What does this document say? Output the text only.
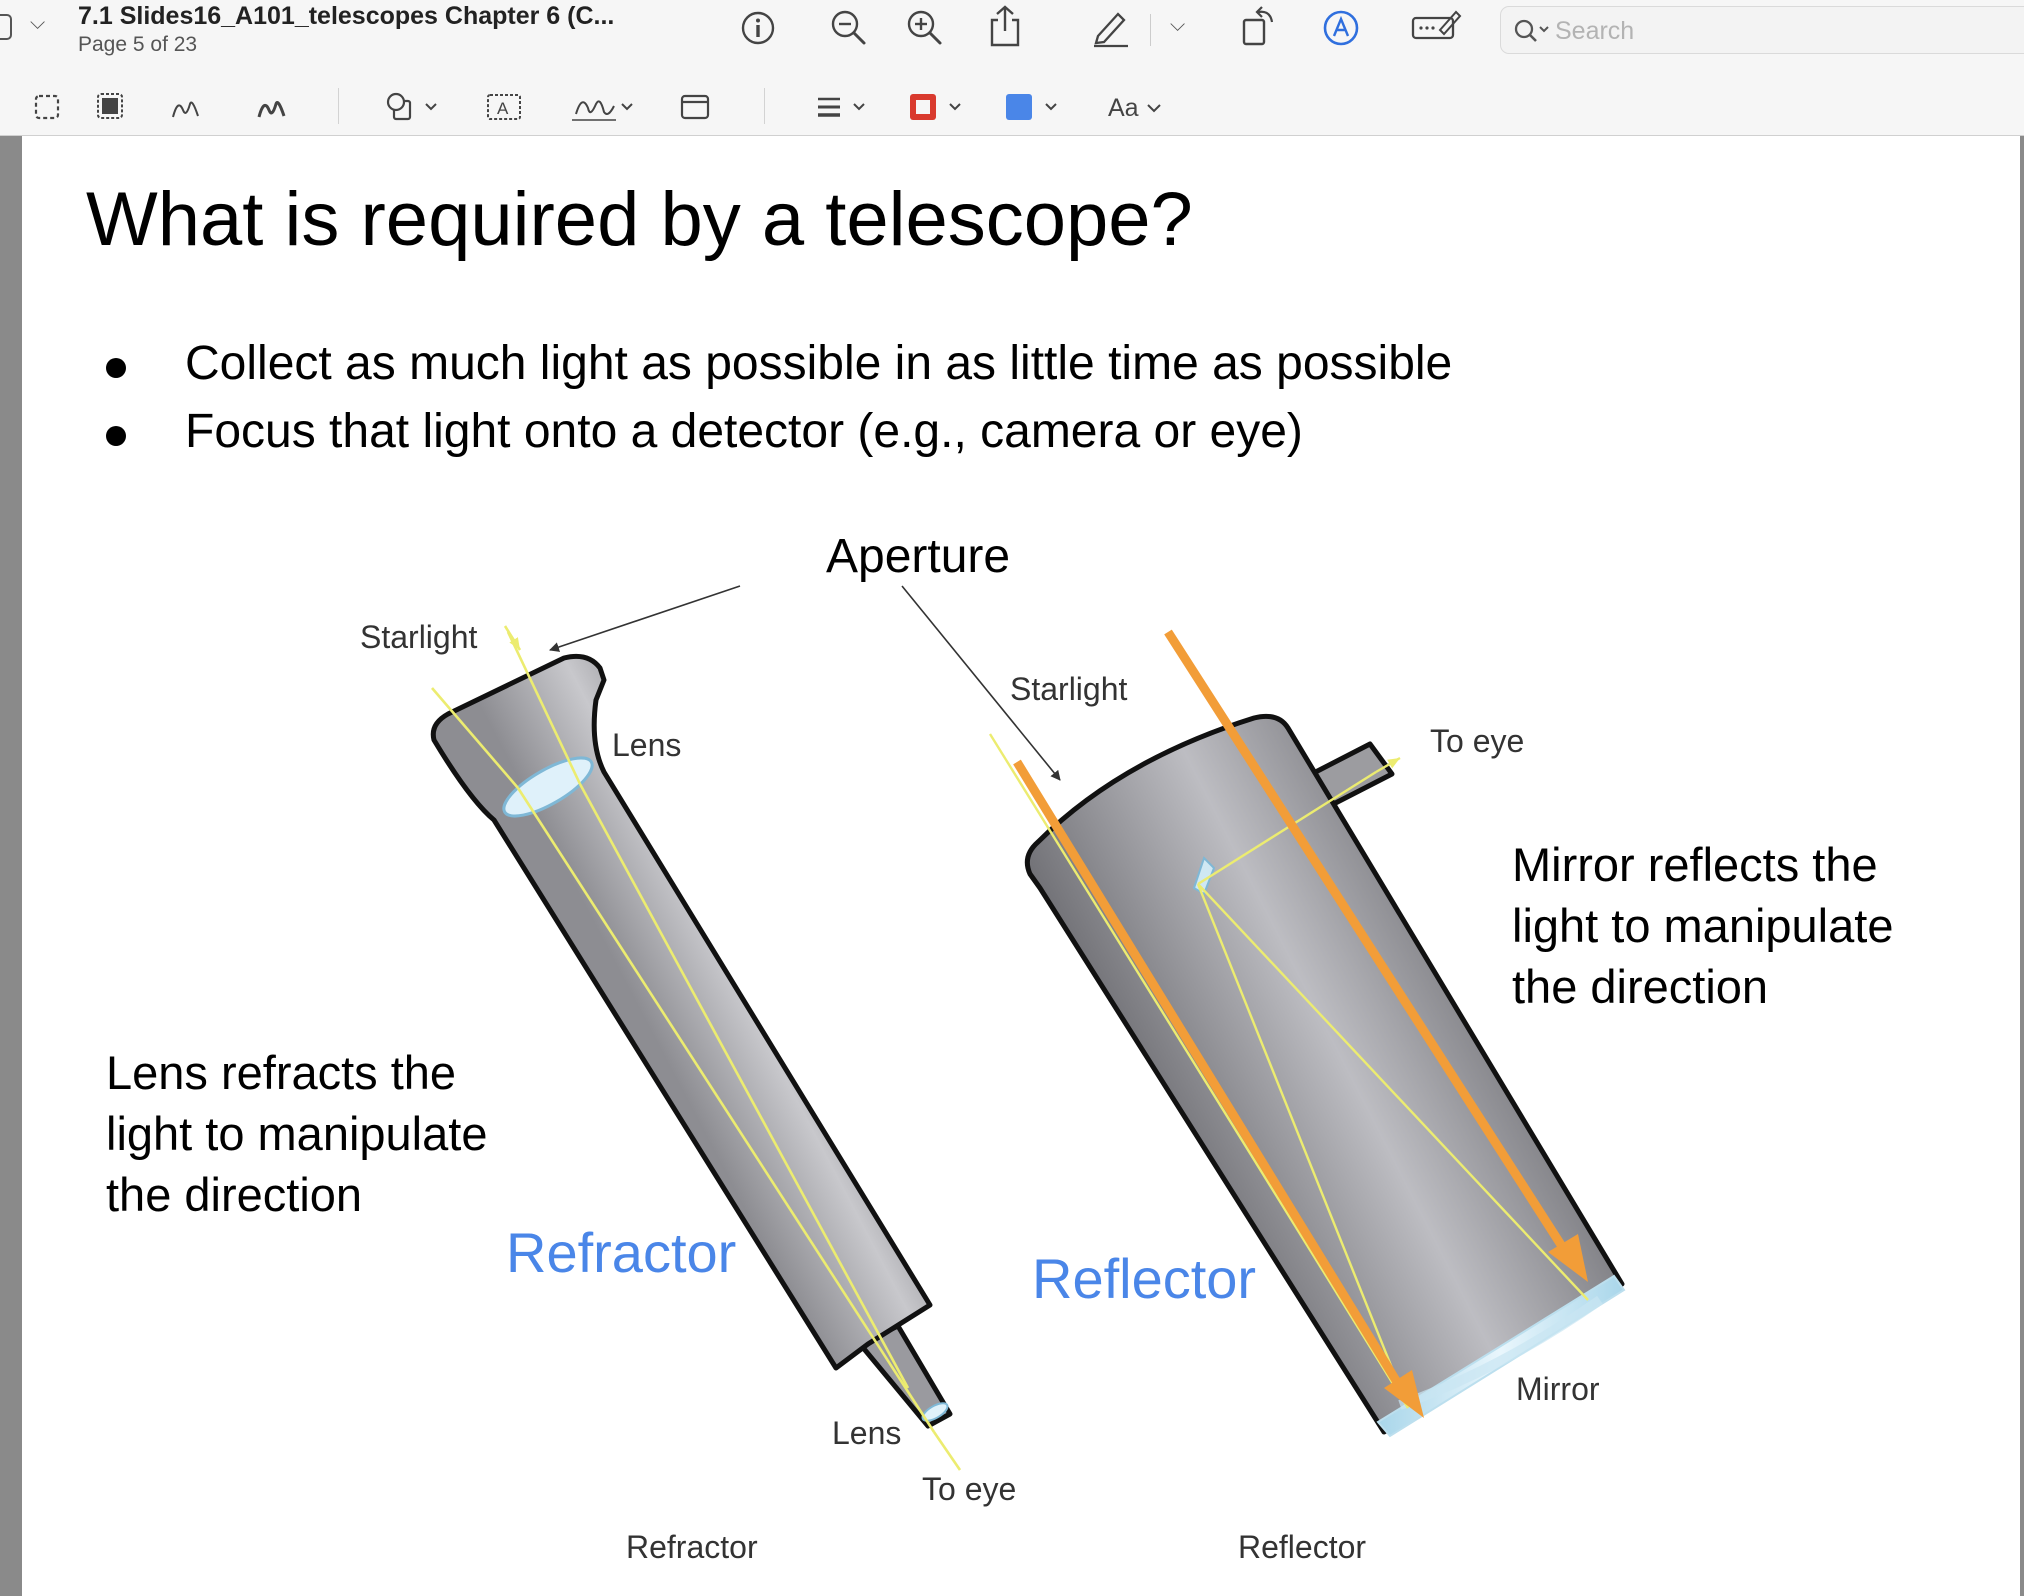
⌵ 7.1 Slides16_A101_telescopes Chapter 6 (C...
Page 5 of 23
⌵
Search
A	Aa
What is required by a telescope?
Collect as much light as possible in as little time as possible
Focus that light onto a detector (e.g., camera or eye)
Aperture
Starlight
Lens
Lens
To eye
Refractor
Starlight
To eye
Mirror
Reflector
Refractor	Reflector
Lens refracts the
light to manipulate
the direction
Mirror reflects the
light to manipulate
the direction
